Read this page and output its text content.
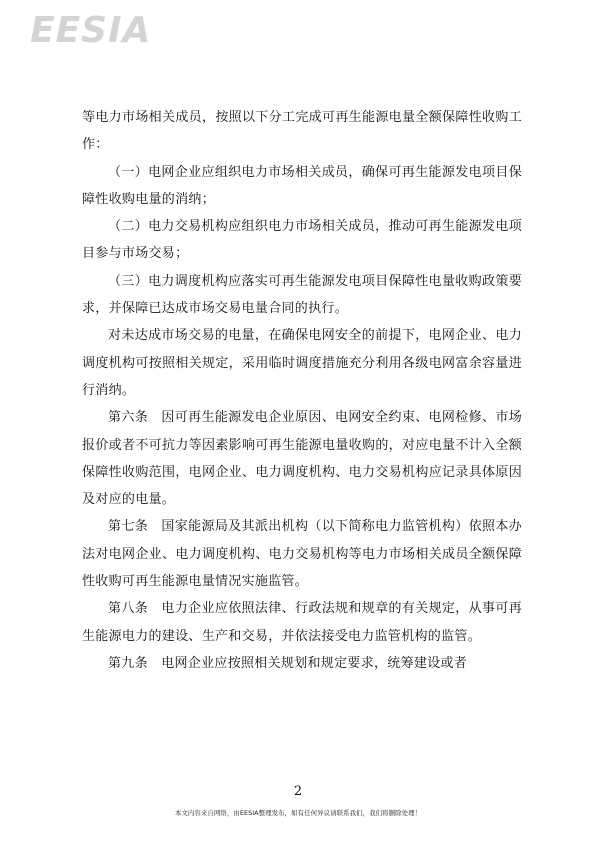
EESIA

等电力市场相关成员，按照以下分工完成可再生能源电量全额保障性收购工作：

（一）电网企业应组织电力市场相关成员，确保可再生能源发电项目保障性收购电量的消纳；

（二）电力交易机构应组织电力市场相关成员，推动可再生能源发电项目参与市场交易；

（三）电力调度机构应落实可再生能源发电项目保障性电量收购政策要求，并保障已达成市场交易电量合同的执行。

对未达成市场交易的电量，在确保电网安全的前提下，电网企业、电力调度机构可按照相关规定，采用临时调度措施充分利用各级电网富余容量进行消纳。

第六条　因可再生能源发电企业原因、电网安全约束、电网检修、市场报价或者不可抗力等因素影响可再生能源电量收购的，对应电量不计入全额保障性收购范围，电网企业、电力调度机构、电力交易机构应记录具体原因及对应的电量。

第七条　国家能源局及其派出机构（以下简称电力监管机构）依照本办法对电网企业、电力调度机构、电力交易机构等电力市场相关成员全额保障性收购可再生能源电量情况实施监管。

第八条　电力企业应依照法律、行政法规和规章的有关规定，从事可再生能源电力的建设、生产和交易，并依法接受电力监管机构的监管。

第九条　电网企业应按照相关规划和规定要求，统筹建设或者

2
本文内容来自网络，由EESIA整理发布，如有任何异议请联系我们，我们将删除处理！
